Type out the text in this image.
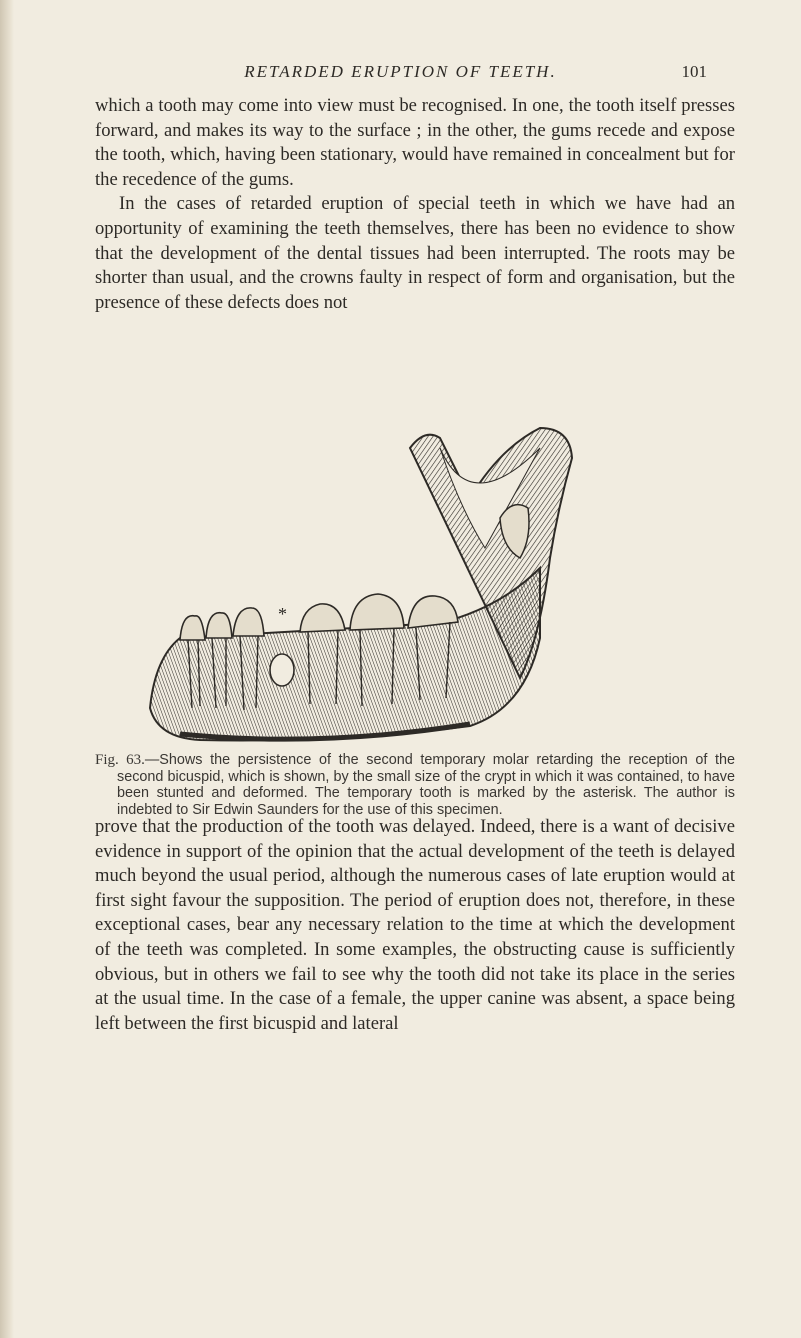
RETARDED ERUPTION OF TEETH.	101

which a tooth may come into view must be recognised. In one, the tooth itself presses forward, and makes its way to the surface ; in the other, the gums recede and expose the tooth, which, having been stationary, would have remained in concealment but for the recedence of the gums.

In the cases of retarded eruption of special teeth in which we have had an opportunity of examining the teeth themselves, there has been no evidence to show that the development of the dental tissues had been interrupted. The roots may be shorter than usual, and the crowns faulty in respect of form and organisation, but the presence of these defects does not

*

Fig. 63.—Shows the persistence of the second temporary molar retarding the reception of the second bicuspid, which is shown, by the small size of the crypt in which it was contained, to have been stunted and deformed. The temporary tooth is marked by the asterisk. The author is indebted to Sir Edwin Saunders for the use of this specimen.

prove that the production of the tooth was delayed. Indeed, there is a want of decisive evidence in support of the opinion that the actual development of the teeth is delayed much beyond the usual period, although the numerous cases of late eruption would at first sight favour the supposition. The period of eruption does not, therefore, in these exceptional cases, bear any necessary relation to the time at which the development of the teeth was completed. In some examples, the obstructing cause is sufficiently obvious, but in others we fail to see why the tooth did not take its place in the series at the usual time. In the case of a female, the upper canine was absent, a space being left between the first bicuspid and lateral
